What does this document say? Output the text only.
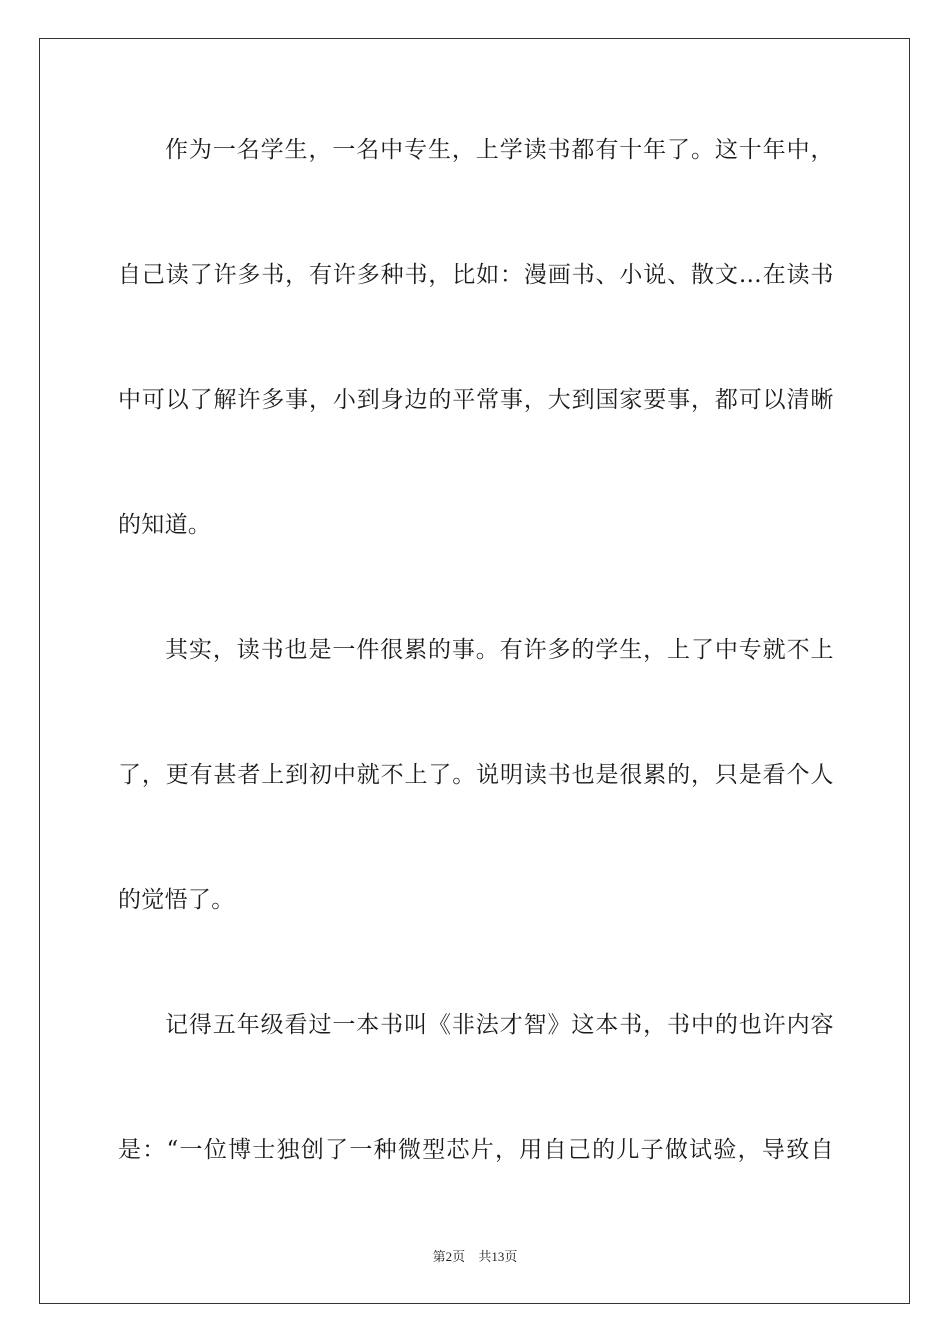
作 为 一 名 学 生 ， 一 名 中 专 生 ， 上 学 读 书 都 有 十 年 了 。 这 十 年 中 ，
自 己 读 了 许 多 书 ， 有 许 多 种 书 ， 比 如 ： 漫 画 书 、 小 说 、 散 文 … 在 读 书
中 可 以 了 解 许 多 事 ， 小 到 身 边 的 平 常 事 ， 大 到 国 家 要 事 ， 都 可 以 清 晰
的知道。
其 实 ， 读 书 也 是 一 件 很 累 的 事 。 有 许 多 的 学 生 ， 上 了 中 专 就 不 上
了 ， 更 有 甚 者 上 到 初 中 就 不 上 了 。 说 明 读 书 也 是 很 累 的 ， 只 是 看 个 人
的觉悟了。
记 得 五 年 级 看 过 一 本 书 叫 《 非 法 才 智 》 这 本 书 ， 书 中 的 也 许 内 容
是 ： “ 一 位 博 士 独 创 了 一 种 微 型 芯 片 ， 用 自 己 的 儿 子 做 试 验 ， 导 致 自
第2页 共13页
